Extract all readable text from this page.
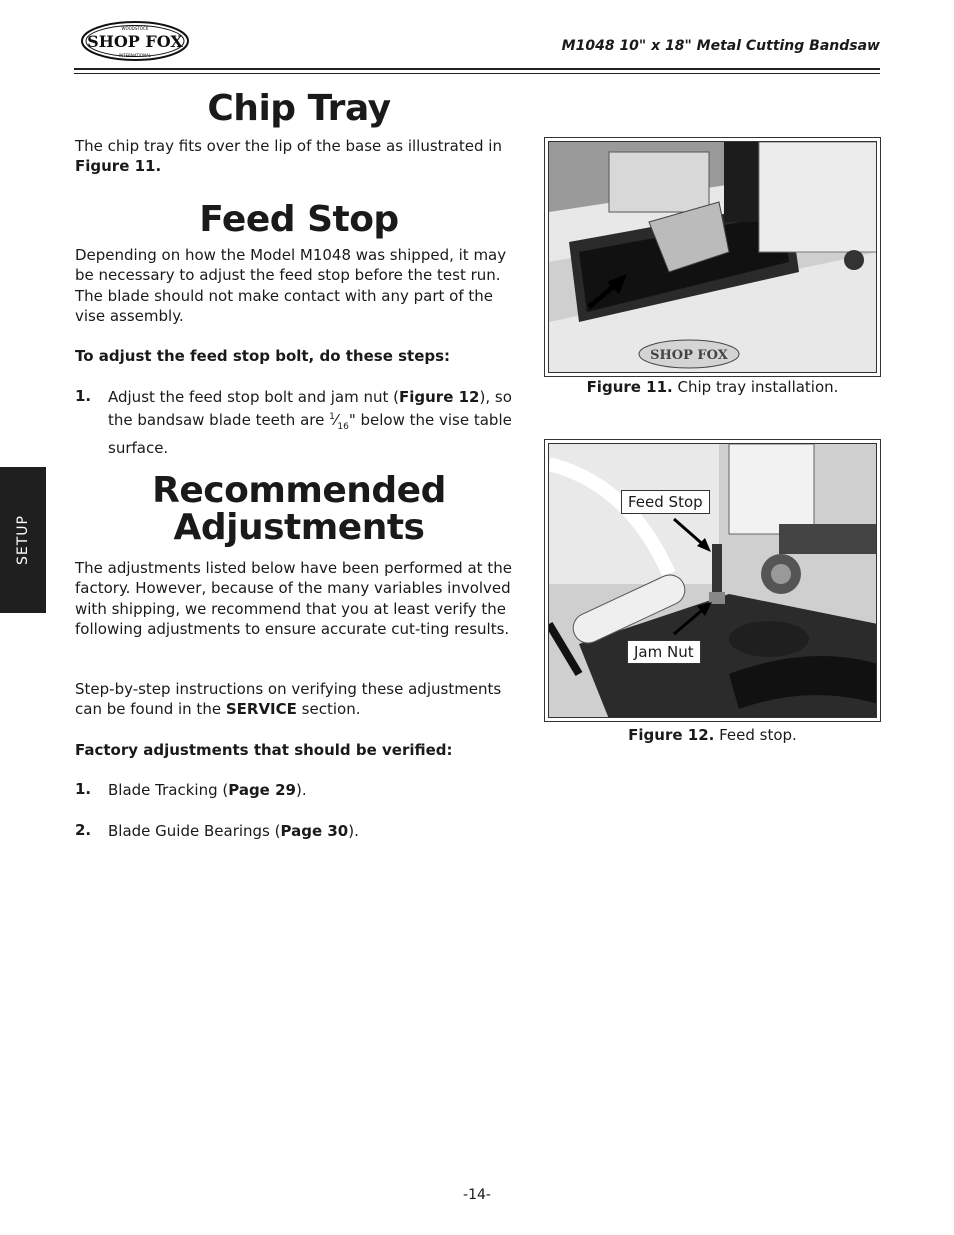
SHOP FOX
WOODSTOCK
INTERNATIONAL
M1048 10" x 18" Metal Cutting Bandsaw
SETUP
Chip Tray
The chip tray fits over the lip of the base as illustrated in
Figure 11.
Feed Stop
Depending on how the Model M1048 was shipped, it may be necessary to adjust the feed stop before the test run. The blade should not make contact with any part of the vise assembly.
To adjust the feed stop bolt, do these steps:
1. Adjust the feed stop bolt and jam nut (Figure 12), so the bandsaw blade teeth are $^1⁄_{16}$" below the vise table surface.
Recommended
Adjustments
The adjustments listed below have been performed at the factory. However, because of the many variables involved with shipping, we recommend that you at least verify the following adjustments to ensure accurate cut-ting results.
Step-by-step instructions on verifying these adjustments can be found in the SERVICE section.
Factory adjustments that should be verified:
1. Blade Tracking (Page 29).
2. Blade Guide Bearings (Page 30).
SHOP FOX
Figure 11. Chip tray installation.
Feed Stop
Jam Nut
Figure 12. Feed stop.
-14-
